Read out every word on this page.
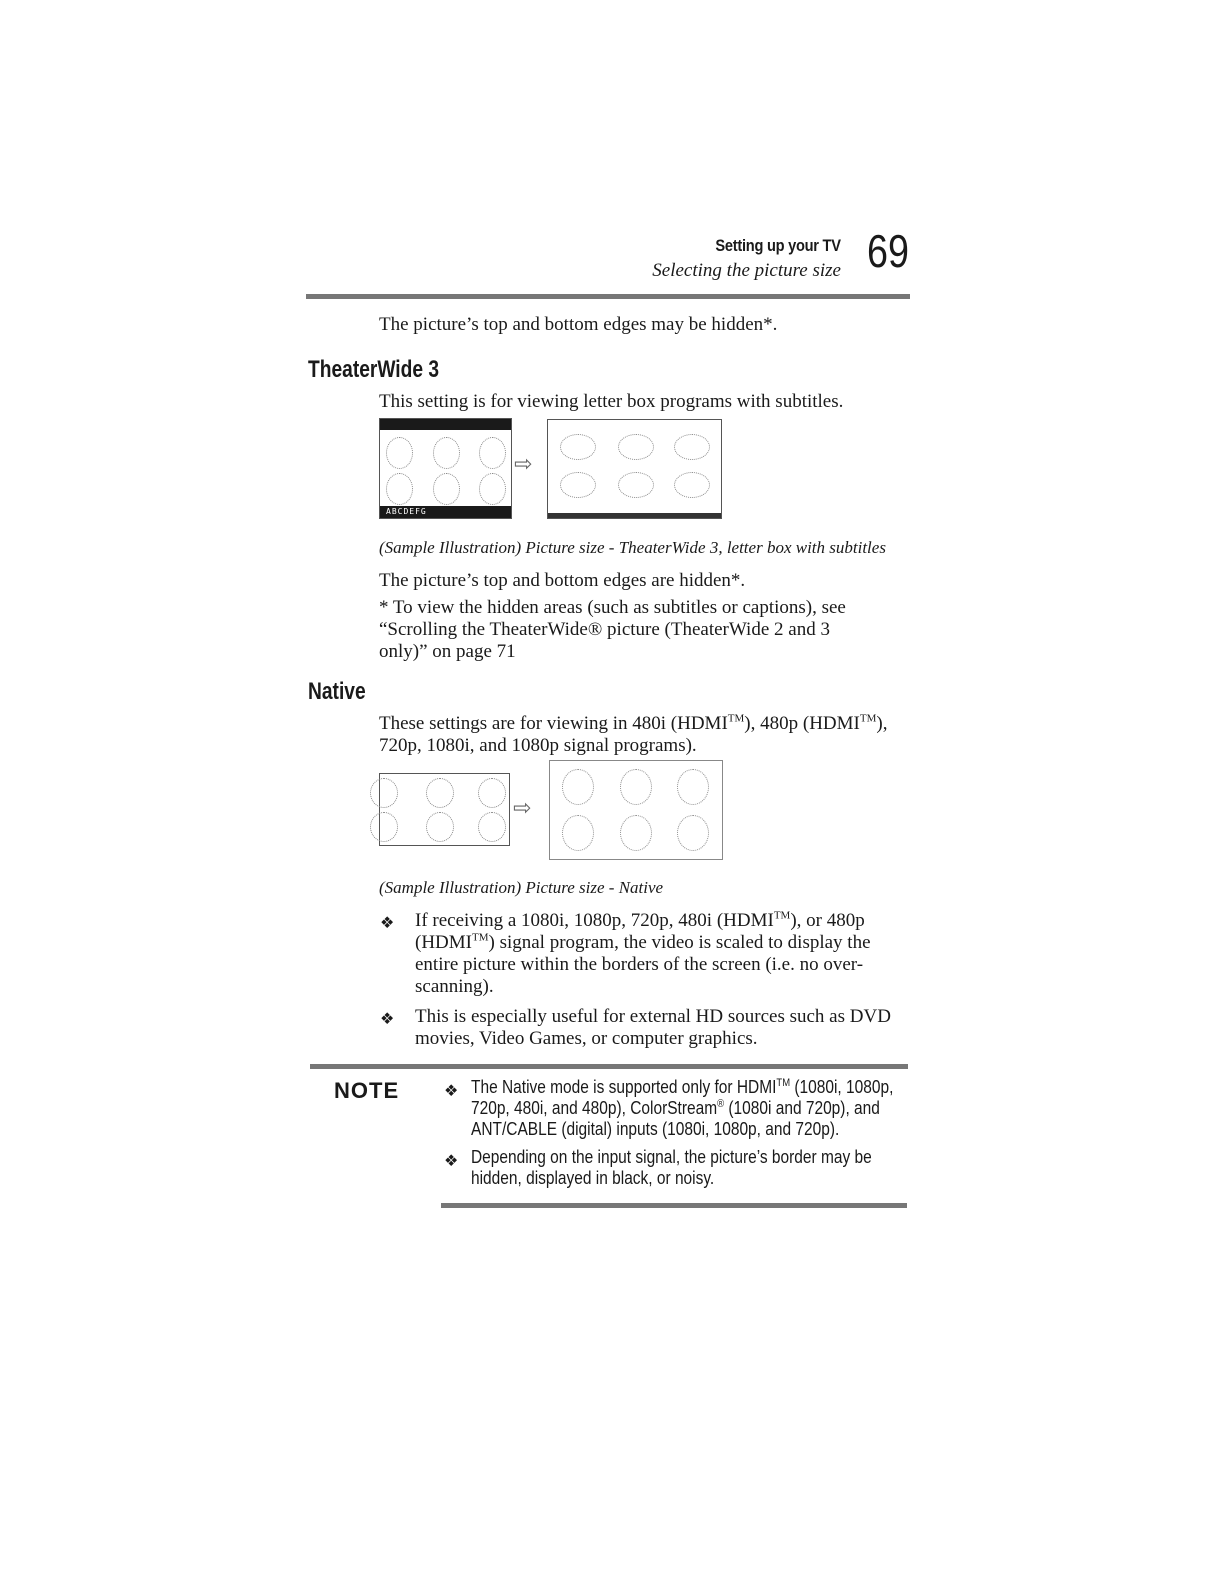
Setting up your TV
Selecting the picture size 69
The picture’s top and bottom edges may be hidden*.
TheaterWide 3
This setting is for viewing letter box programs with subtitles.
ABCDEFG
⇨
(Sample Illustration) Picture size - TheaterWide 3, letter box with subtitles
The picture’s top and bottom edges are hidden*.
* To view the hidden areas (such as subtitles or captions), see “Scrolling the TheaterWide® picture (TheaterWide 2 and 3 only)” on page 71
Native
These settings are for viewing in 480i (HDMI™), 480p (HDMI™), 720p, 1080i, and 1080p signal programs).
⇨
(Sample Illustration) Picture size - Native
❖ If receiving a 1080i, 1080p, 720p, 480i (HDMI™), or 480p (HDMI™) signal program, the video is scaled to display the entire picture within the borders of the screen (i.e. no over-scanning).
❖ This is especially useful for external HD sources such as DVD movies, Video Games, or computer graphics.
NOTE	❖ The Native mode is supported only for HDMI™ (1080i, 1080p, 720p, 480i, and 480p), ColorStream® (1080i and 720p), and ANT/CABLE (digital) inputs (1080i, 1080p, and 720p).
❖ Depending on the input signal, the picture’s border may be hidden, displayed in black, or noisy.
